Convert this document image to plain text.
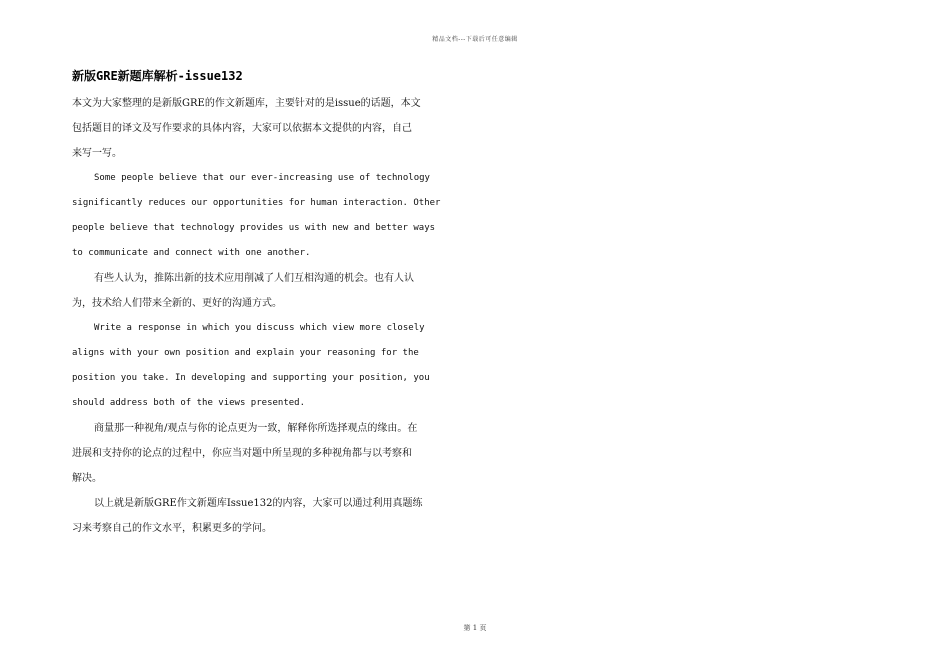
精品文档---下载后可任意编辑
新版GRE新题库解析-issue132

本文为大家整理的是新版GRE的作文新题库，主要针对的是issue的话题，本文

包括题目的译文及写作要求的具体内容，大家可以依据本文提供的内容，自己

来写一写。

Some people believe that our ever-increasing use of technology

significantly reduces our opportunities for human interaction. Other

people believe that technology provides us with new and better ways

to communicate and connect with one another.

有些人认为，推陈出新的技术应用削减了人们互相沟通的机会。也有人认

为，技术给人们带来全新的、更好的沟通方式。

Write a response in which you discuss which view more closely

aligns with your own position and explain your reasoning for the

position you take. In developing and supporting your position, you

should address both of the views presented.

商量那一种视角/观点与你的论点更为一致，解释你所选择观点的缘由。在

进展和支持你的论点的过程中，你应当对题中所呈现的多种视角都与以考察和

解决。

以上就是新版GRE作文新题库Issue132的内容，大家可以通过利用真题练

习来考察自己的作文水平，积累更多的学问。

第 1 页
